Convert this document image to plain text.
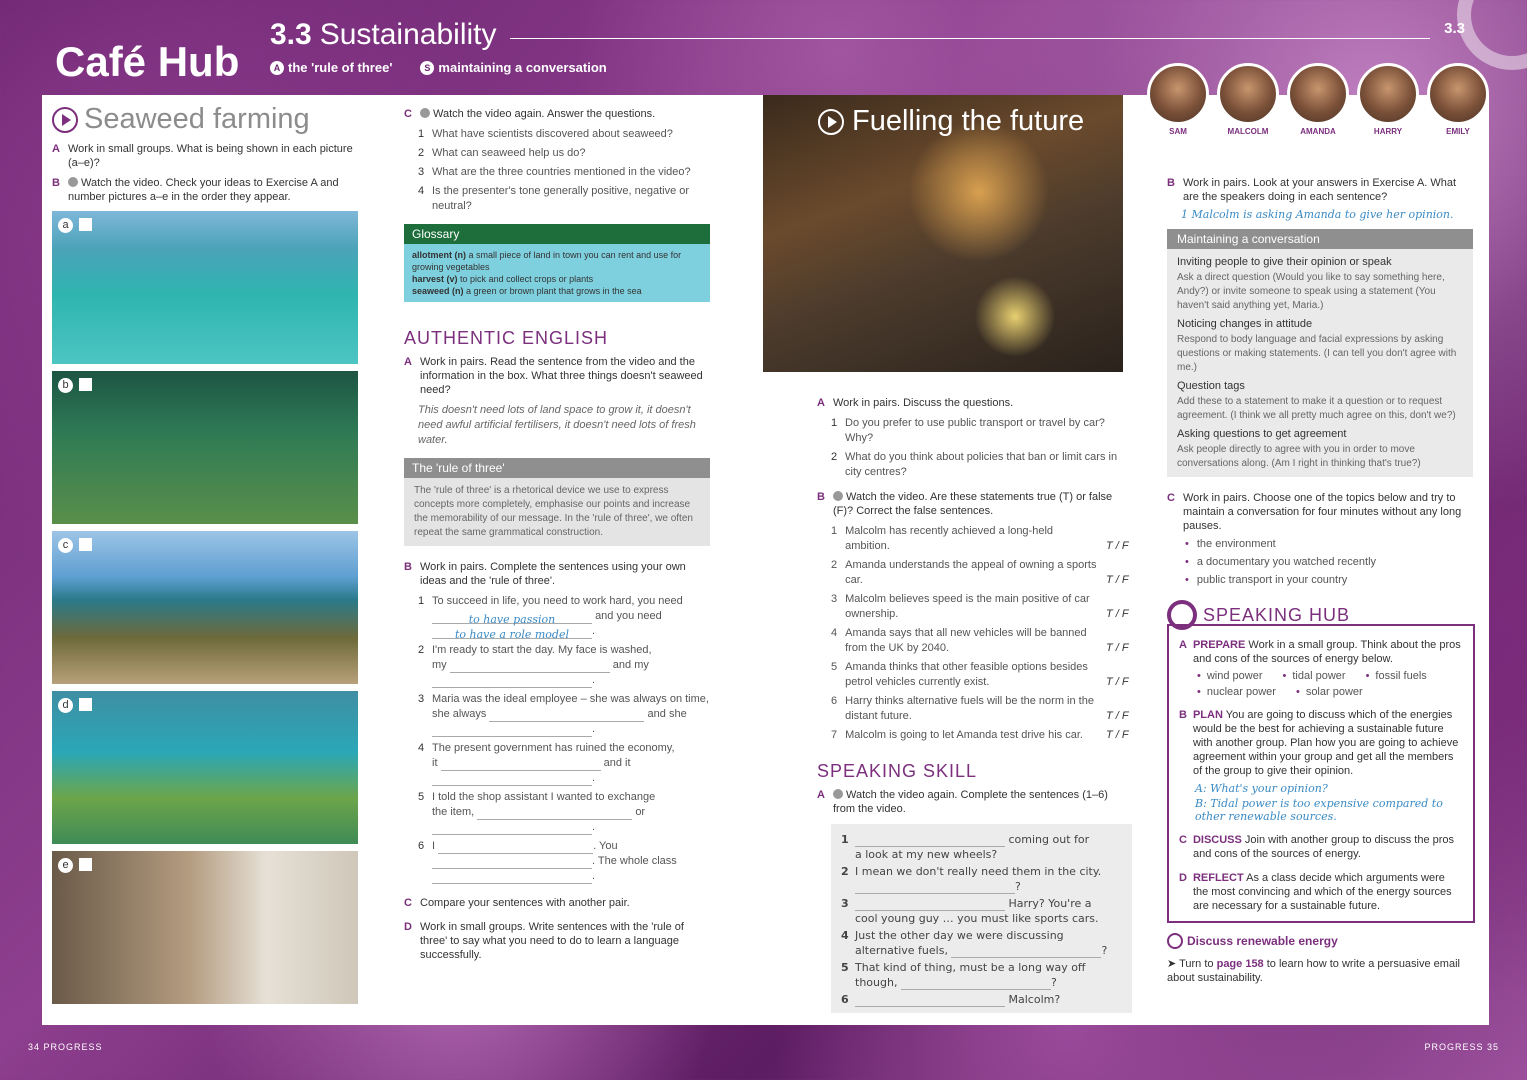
Café Hub
3.3 Sustainability
A the 'rule of three'	S maintaining a conversation
3.3
Seaweed farming
A Work in small groups. What is being shown in each picture (a–e)?
B	Watch the video. Check your ideas to Exercise A and number pictures a–e in the order they appear.
a
b
c
d
e
C	Watch the video again. Answer the questions.
1 What have scientists discovered about seaweed?
2 What can seaweed help us do?
3 What are the three countries mentioned in the video?
4 Is the presenter's tone generally positive, negative or neutral?
Glossary
allotment (n) a small piece of land in town you can rent and use for growing vegetables
harvest (v) to pick and collect crops or plants
seaweed (n) a green or brown plant that grows in the sea
AUTHENTIC ENGLISH
A Work in pairs. Read the sentence from the video and the information in the box. What three things doesn't seaweed need?
This doesn't need lots of land space to grow it, it doesn't need awful artificial fertilisers, it doesn't need lots of fresh water.
The 'rule of three'
The 'rule of three' is a rhetorical device we use to express concepts more completely, emphasise our points and increase the memorability of our message. In the 'rule of three', we often repeat the same grammatical construction.
B Work in pairs. Complete the sentences using your own ideas and the 'rule of three'.
1 To succeed in life, you need to work hard, you need
to have passion	and you need
to have a role model .
2 I'm ready to start the day. My face is washed,
my	and my
.
3 Maria was the ideal employee – she was always on time,
she always	and she
.
4 The present government has ruined the economy,
it	and it
.
5 I told the shop assistant I wanted to exchange
the item,	or
.
6 I	. You
. The whole class
.
C Compare your sentences with another pair.
D Work in small groups. Write sentences with the 'rule of three' to say what you need to do to learn a language successfully.
Fuelling the future
A Work in pairs. Discuss the questions.
1 Do you prefer to use public transport or travel by car? Why?
2 What do you think about policies that ban or limit cars in city centres?
B	Watch the video. Are these statements true (T) or false (F)? Correct the false sentences.
1 Malcolm has recently achieved a long-held ambition.	T / F
2 Amanda understands the appeal of owning a sports car.	T / F
3 Malcolm believes speed is the main positive of car ownership.	T / F
4 Amanda says that all new vehicles will be banned from the UK by 2040.	T / F
5 Amanda thinks that other feasible options besides petrol vehicles currently exist.	T / F
6 Harry thinks alternative fuels will be the norm in the distant future.	T / F
7 Malcolm is going to let Amanda test drive his car.	T / F
SPEAKING SKILL
A	Watch the video again. Complete the sentences (1–6) from the video.
1	coming out for
a look at my new wheels?
2 I mean we don't really need them in the city.
?
3	Harry? You're a
cool young guy … you must like sports cars.
4 Just the other day we were discussing
alternative fuels,	?
5 That kind of thing, must be a long way off
though,	?
6	Malcolm?
SAM	MALCOLM	AMANDA	HARRY	EMILY
B Work in pairs. Look at your answers in Exercise A. What are the speakers doing in each sentence?
1 Malcolm is asking Amanda to give her opinion.
Maintaining a conversation
Inviting people to give their opinion or speak
Ask a direct question (Would you like to say something here, Andy?) or invite someone to speak using a statement (You haven't said anything yet, Maria.)
Noticing changes in attitude
Respond to body language and facial expressions by asking questions or making statements. (I can tell you don't agree with me.)
Question tags
Add these to a statement to make it a question or to request agreement. (I think we all pretty much agree on this, don't we?)
Asking questions to get agreement
Ask people directly to agree with you in order to move conversations along. (Am I right in thinking that's true?)
C Work in pairs. Choose one of the topics below and try to maintain a conversation for four minutes without any long pauses.
• the environment
• a documentary you watched recently
• public transport in your country
SPEAKING HUB
A PREPARE Work in a small group. Think about the pros and cons of the sources of energy below.
• wind power	• tidal power	• fossil fuels
• nuclear power	• solar power
B PLAN You are going to discuss which of the energies would be the best for achieving a sustainable future with another group. Plan how you are going to achieve agreement within your group and get all the members of the group to give their opinion.
A: What's your opinion?
B: Tidal power is too expensive compared to other renewable sources.
C DISCUSS Join with another group to discuss the pros and cons of the sources of energy.
D REFLECT As a class decide which arguments were the most convincing and which of the energy sources are necessary for a sustainable future.
Discuss renewable energy
➤ Turn to page 158 to learn how to write a persuasive email about sustainability.
34 PROGRESS	PROGRESS 35
